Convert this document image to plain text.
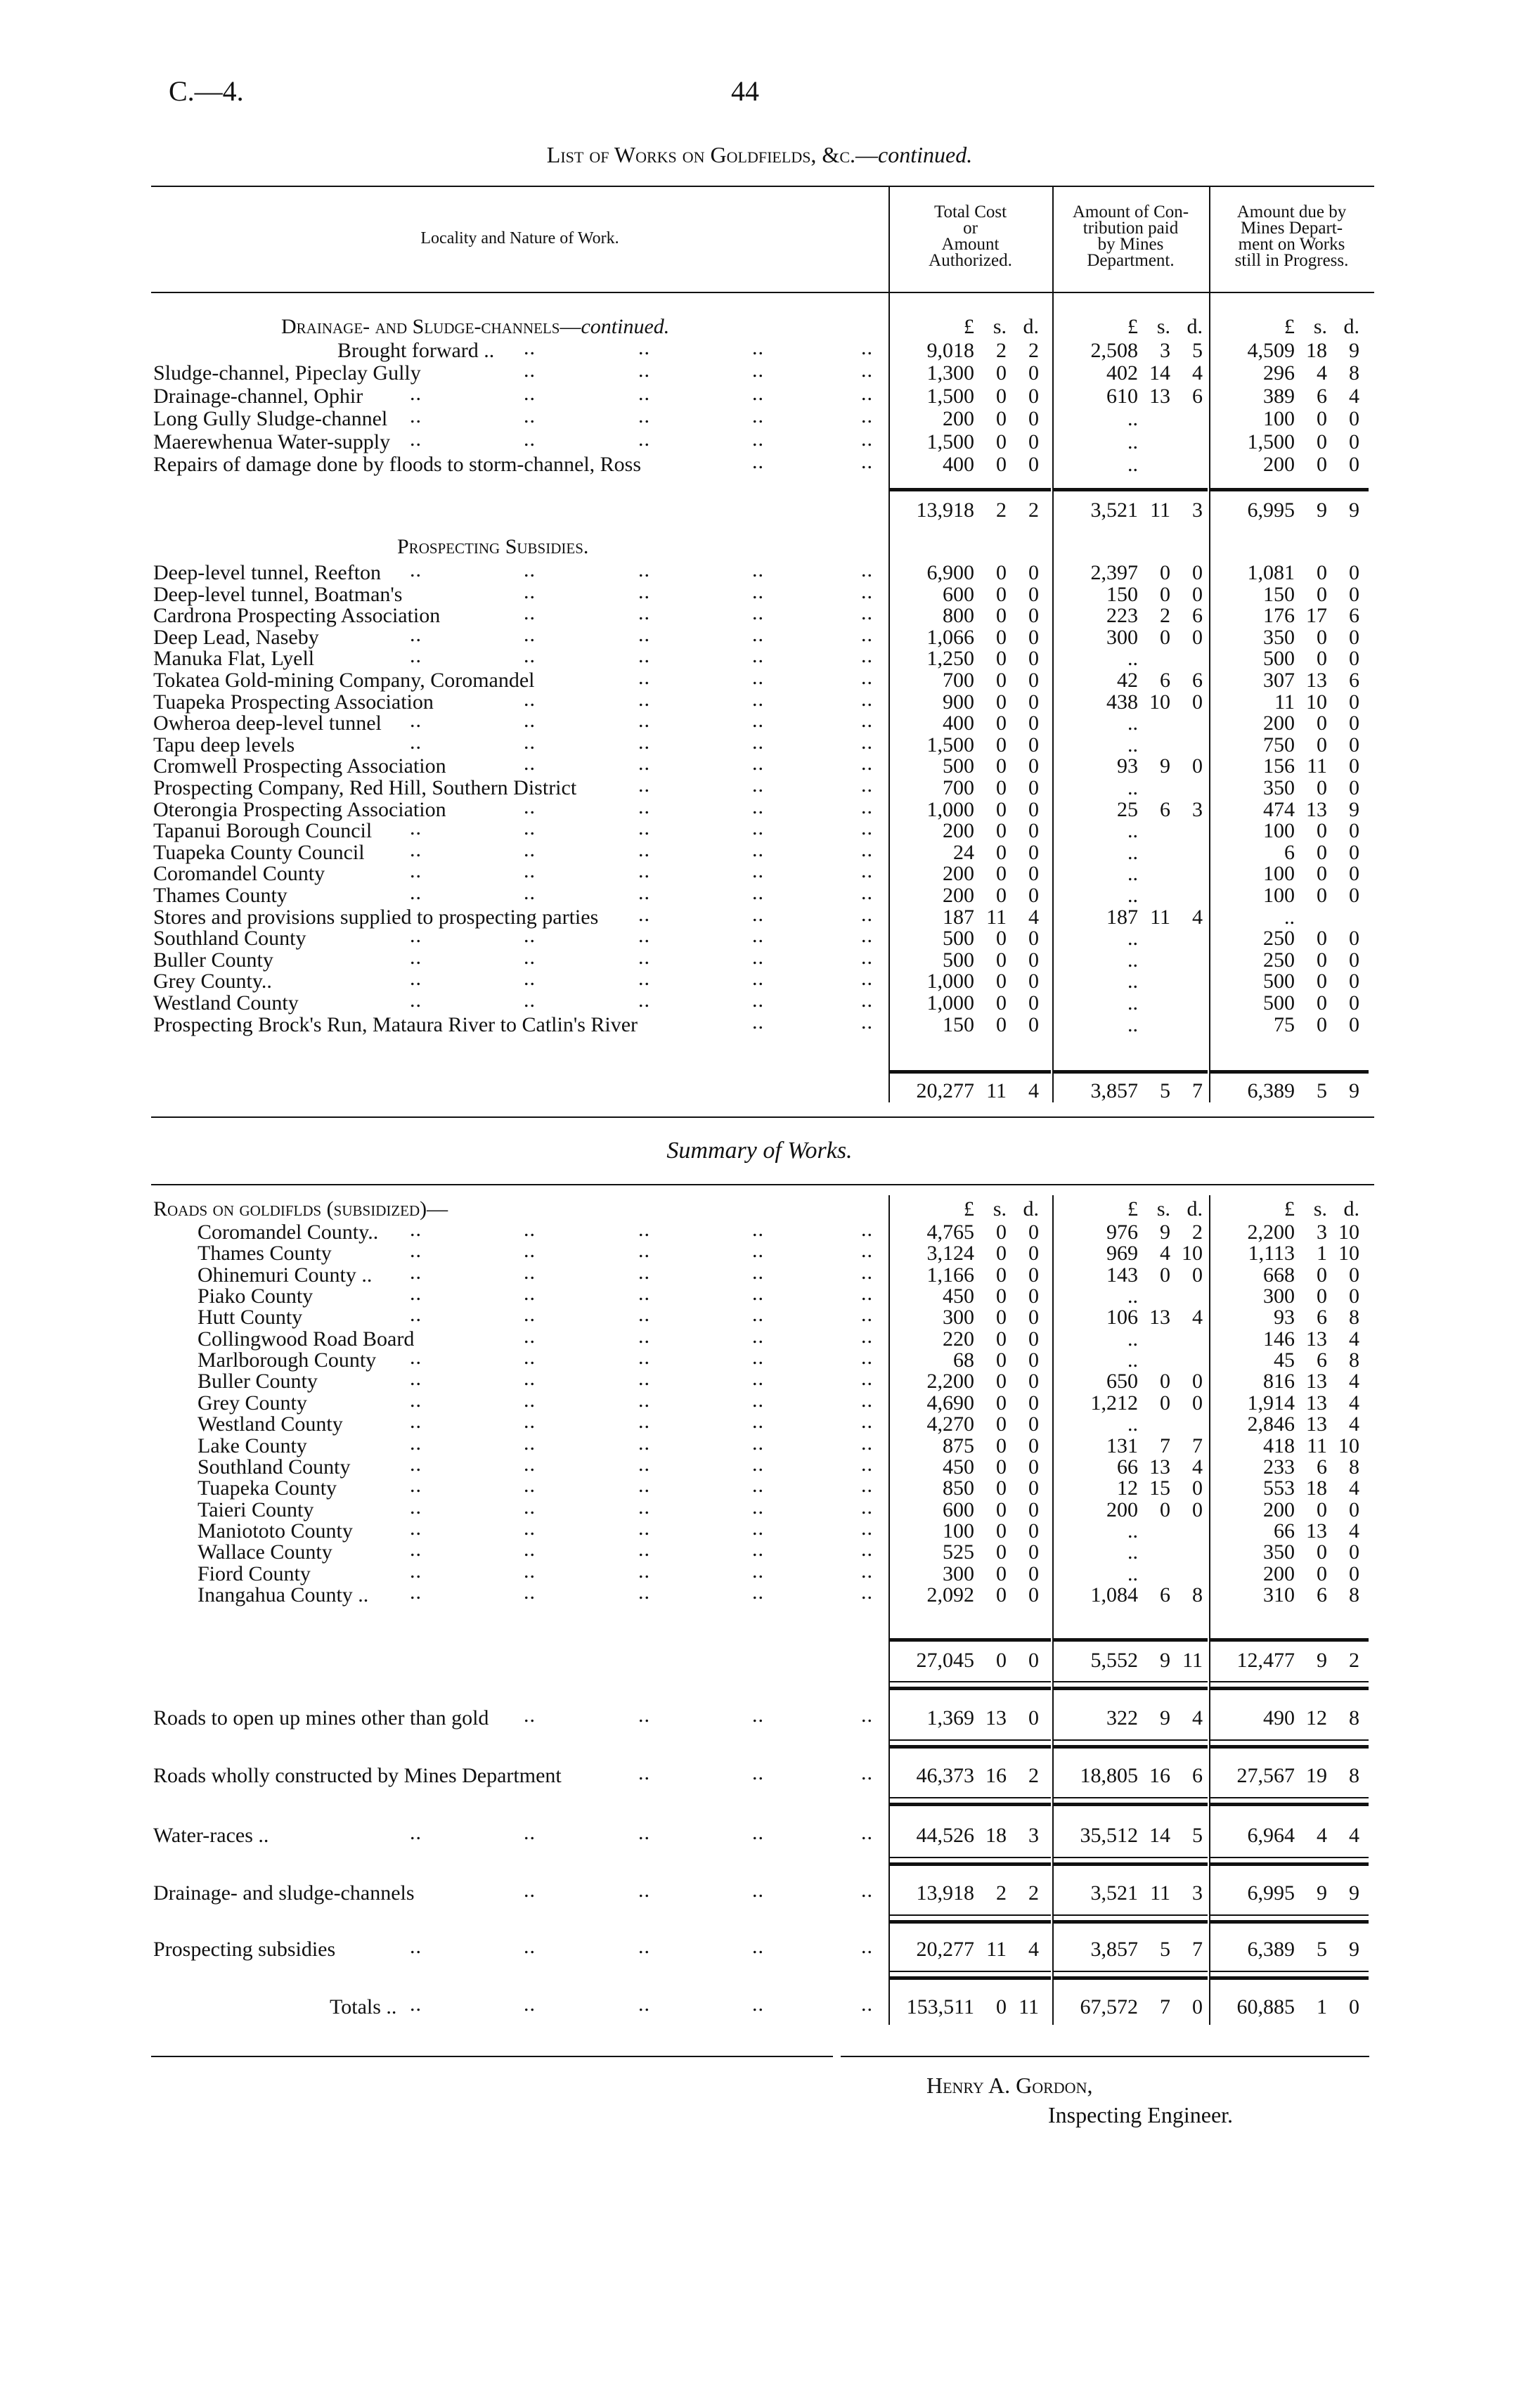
C.—4.	44
List of Works on Goldfields, &c.—continued.
Locality and Nature of Work.
Total Cost
or
Amount
Authorized.
Amount of Con-
tribution paid
by Mines
Department.
Amount due by
Mines Depart-
ment on Works
still in Progress.
Drainage- and Sludge-channels—continued.
Prospecting Subsidies.
Summary of Works.
Roads on goldiflds (subsidized)—
Henry A. Gordon,
Inspecting Engineer.
£	£	£
s.	s.	s.
d.	d.	d.
Brought forward .. ..	..	..	..	9,018	2	2	2,508	3	5	4,509 18	9
Sludge-channel, Pipeclay Gully	..	..	..	..	1,300	0	0	402 14	4	296	4	8
Drainage-channel, Ophir ..	..	..	..	..	1,500	0	0	610 13	6	389	6	4
Long Gully Sludge-channel ..	..	..	..	..	200	0	0	..	100	0	0
Maerewhenua Water-supply ..	..	..	..	..	1,500	0	0	..	1,500	0	0
Repairs of damage done by floods to storm-channel, Ross	..	..	400	0	0	..	200	0	0
13,918	2	2	3,521 11	3	6,995	9	9
Deep-level tunnel, Reefton ..	..	..	..	..	6,900	0	0	2,397	0	0	1,081	0	0
Deep-level tunnel, Boatman's	..	..	..	..	600	0	0	150	0	0	150	0	0
Cardrona Prospecting Association	..	..	..	..	800	0	0	223	2	6	176 17	6
Deep Lead, Naseby	..	..	..	..	..	1,066	0	0	300	0	0	350	0	0
Manuka Flat, Lyell	..	..	..	..	..	1,250	0	0	..	500	0	0
Tokatea Gold-mining Company, Coromandel	..	..	..	700	0	0	42	6	6	307 13	6
Tuapeka Prospecting Association	..	..	..	..	900	0	0	438 10	0	11 10	0
Owheroa deep-level tunnel ..	..	..	..	..	400	0	0	..	200	0	0
Tapu deep levels	..	..	..	..	..	1,500	0	0	..	750	0	0
Cromwell Prospecting Association	..	..	..	..	500	0	0	93	9	0	156 11	0
Prospecting Company, Red Hill, Southern District	..	..	..	700	0	0	..	350	0	0
Oterongia Prospecting Association	..	..	..	..	1,000	0	0	25	6	3	474 13	9
Tapanui Borough Council ..	..	..	..	..	200	0	0	..	100	0	0
Tuapeka County Council ..	..	..	..	..	24	0	0	..	6	0	0
Coromandel County	..	..	..	..	..	200	0	0	..	100	0	0
Thames County	..	..	..	..	..	200	0	0	..	100	0	0
Stores and provisions supplied to prospecting parties ..	..	..	187 11	4	187 11	4	..
Southland County	..	..	..	..	..	500	0	0	..	250	0	0
Buller County	..	..	..	..	..	500	0	0	..	250	0	0
Grey County..	..	..	..	..	..	1,000	0	0	..	500	0	0
Westland County	..	..	..	..	..	1,000	0	0	..	500	0	0
Prospecting Brock's Run, Mataura River to Catlin's River	..	..	150	0	0	..	75	0	0
20,277 11	4	3,857	5	7	6,389	5	9
£	£	£
s.	s.	s.
d.	d.	d.
Coromandel County.. ..	..	..	..	..	4,765	0	0	976	9	2	2,200	3 10
Thames County	..	..	..	..	..	3,124	0	0	969	4 10	1,113	1 10
Ohinemuri County .. ..	..	..	..	..	1,166	0	0	143	0	0	668	0	0
Piako County	..	..	..	..	..	450	0	0	..	300	0	0
Hutt County	..	..	..	..	..	300	0	0	106 13	4	93	6	8
Collingwood Road Board	..	..	..	..	220	0	0	..	146 13	4
Marlborough County ..	..	..	..	..	68	0	0	..	45	6	8
Buller County	..	..	..	..	..	2,200	0	0	650	0	0	816 13	4
Grey County	..	..	..	..	..	4,690	0	0	1,212	0	0	1,914 13	4
Westland County	..	..	..	..	..	4,270	0	0	..	2,846 13	4
Lake County	..	..	..	..	..	875	0	0	131	7	7	418 11 10
Southland County	..	..	..	..	..	450	0	0	66 13	4	233	6	8
Tuapeka County	..	..	..	..	..	850	0	0	12 15	0	553 18	4
Taieri County	..	..	..	..	..	600	0	0	200	0	0	200	0	0
Maniototo County	..	..	..	..	..	100	0	0	..	66 13	4
Wallace County	..	..	..	..	..	525	0	0	..	350	0	0
Fiord County	..	..	..	..	..	300	0	0	..	200	0	0
Inangahua County .. ..	..	..	..	..	2,092	0	0	1,084	6	8	310	6	8
27,045	0	0	5,552	9 11	12,477	9	2
Roads to open up mines other than gold ..	..	..	..	1,369 13	0	322	9	4	490 12	8
Roads wholly constructed by Mines Department	..	..	..	46,373 16	2	18,805 16	6	27,567 19	8
Water-races ..	..	..	..	..	..	44,526 18	3	35,512 14	5	6,964	4	4
Drainage- and sludge-channels	..	..	..	..	13,918	2	2	3,521 11	3	6,995	9	9
Prospecting subsidies	..	..	..	..	..	20,277 11	4	3,857	5	7	6,389	5	9
Totals .. ..	..	..	..	..	153,511	0 11	67,572	7	0	60,885	1	0
